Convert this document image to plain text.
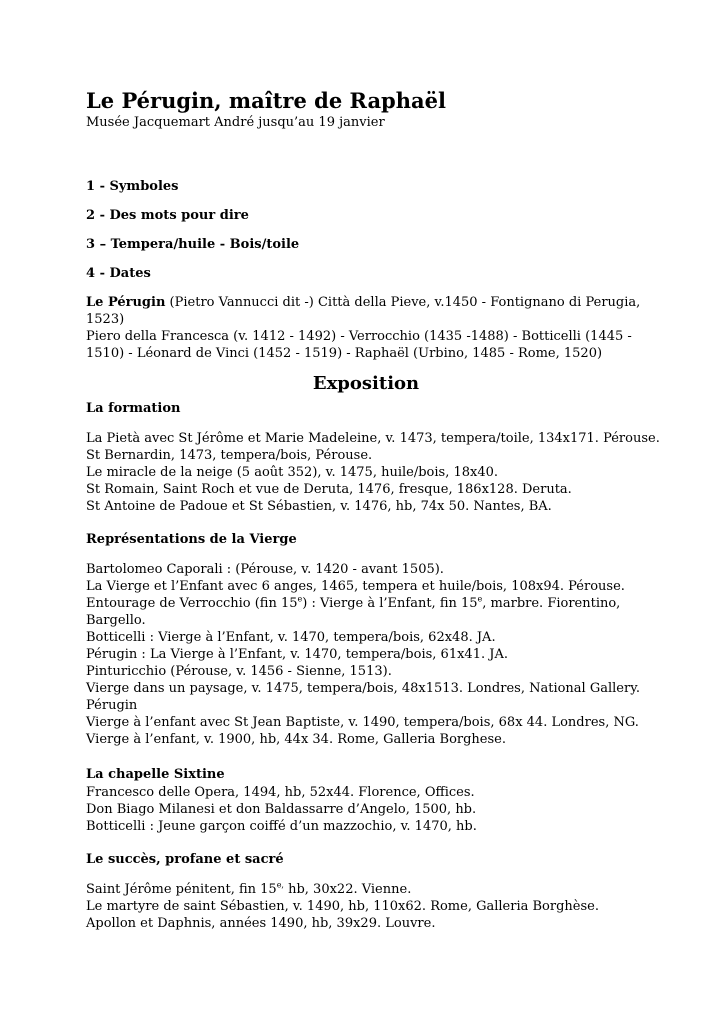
Le Pérugin, maître de Raphaël

Musée Jacquemart André jusqu’au 19 janvier

1 - Symboles
2 - Des mots pour dire
3 – Tempera/huile - Bois/toile
4 - Dates
Le Pérugin (Pietro Vannucci dit -) Città della Pieve, v.1450 - Fontignano di Perugia, 1523)
Piero della Francesca (v. 1412 - 1492) - Verrocchio (1435 -1488) - Botticelli (1445 - 1510) - Léonard de Vinci (1452 - 1519) - Raphaël (Urbino, 1485 - Rome, 1520)
Exposition
La formation
La Pietà avec St Jérôme et Marie Madeleine, v. 1473, tempera/toile, 134x171. Pérouse.
St Bernardin, 1473, tempera/bois, Pérouse.
Le miracle de la neige (5 août 352), v. 1475, huile/bois, 18x40.
St Romain, Saint Roch et vue de Deruta, 1476, fresque, 186x128. Deruta.
St Antoine de Padoue et St Sébastien, v. 1476, hb, 74x 50. Nantes, BA.
Représentations de la Vierge
Bartolomeo Caporali : (Pérouse, v. 1420 - avant 1505).
La Vierge et l’Enfant avec 6 anges, 1465, tempera et huile/bois, 108x94. Pérouse.
Entourage de Verrocchio (fin 15e) : Vierge à l’Enfant, fin 15e, marbre. Fiorentino, Bargello.
Botticelli : Vierge à l’Enfant, v. 1470, tempera/bois, 62x48. JA.
Pérugin : La Vierge à l’Enfant, v. 1470, tempera/bois, 61x41. JA.
Pinturicchio (Pérouse, v. 1456 - Sienne, 1513).
Vierge dans un paysage, v. 1475, tempera/bois, 48x1513. Londres, National Gallery.
Pérugin
Vierge à l’enfant avec St Jean Baptiste, v. 1490, tempera/bois, 68x 44. Londres, NG.
Vierge à l’enfant, v. 1900, hb, 44x 34. Rome, Galleria Borghese.
La chapelle Sixtine
Francesco delle Opera, 1494, hb, 52x44. Florence, Offices.
Don Biago Milanesi et don Baldassarre d’Angelo, 1500, hb.
Botticelli : Jeune garçon coiffé d’un mazzochio, v. 1470, hb.
Le succès, profane et sacré
Saint Jérôme pénitent, fin $15^{e,}$ hb, 30x22. Vienne.
Le martyre de saint Sébastien, v. 1490, hb, 110x62. Rome, Galleria Borghèse.
Apollon et Daphnis, années 1490, hb, 39x29. Louvre.
